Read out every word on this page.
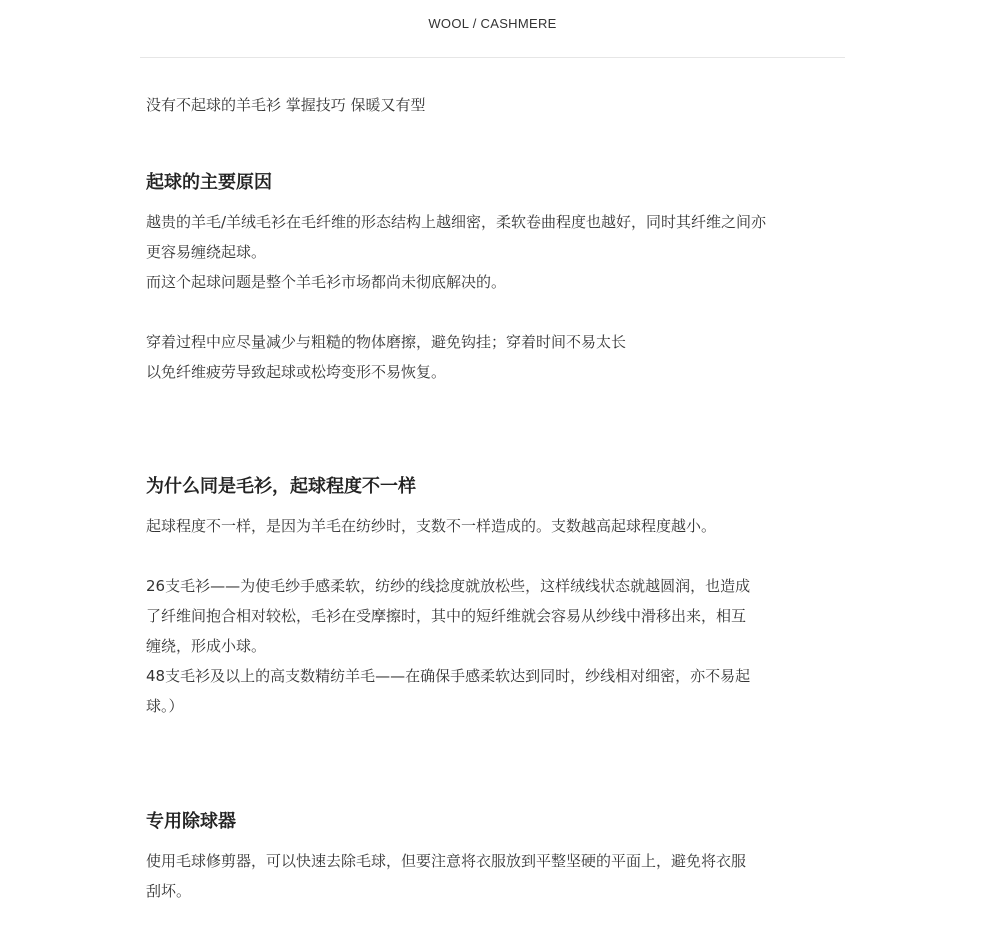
WOOL / CASHMERE
没有不起球的羊毛衫 掌握技巧 保暖又有型
起球的主要原因
越贵的羊毛/羊绒毛衫在毛纤维的形态结构上越细密，柔软卷曲程度也越好，同时其纤维之间亦
更容易缠绕起球。
而这个起球问题是整个羊毛衫市场都尚未彻底解决的。
穿着过程中应尽量减少与粗糙的物体磨擦，避免钩挂；穿着时间不易太长
以免纤维疲劳导致起球或松垮变形不易恢复。
为什么同是毛衫，起球程度不一样
起球程度不一样，是因为羊毛在纺纱时，支数不一样造成的。支数越高起球程度越小。
26支毛衫——为使毛纱手感柔软，纺纱的线捻度就放松些，这样绒线状态就越圆润，也造成
了纤维间抱合相对较松，毛衫在受摩擦时，其中的短纤维就会容易从纱线中滑移出来，相互
缠绕，形成小球。
48支毛衫及以上的高支数精纺羊毛——在确保手感柔软达到同时，纱线相对细密，亦不易起
球。）
专用除球器
使用毛球修剪器，可以快速去除毛球，但要注意将衣服放到平整坚硬的平面上，避免将衣服
刮坏。
